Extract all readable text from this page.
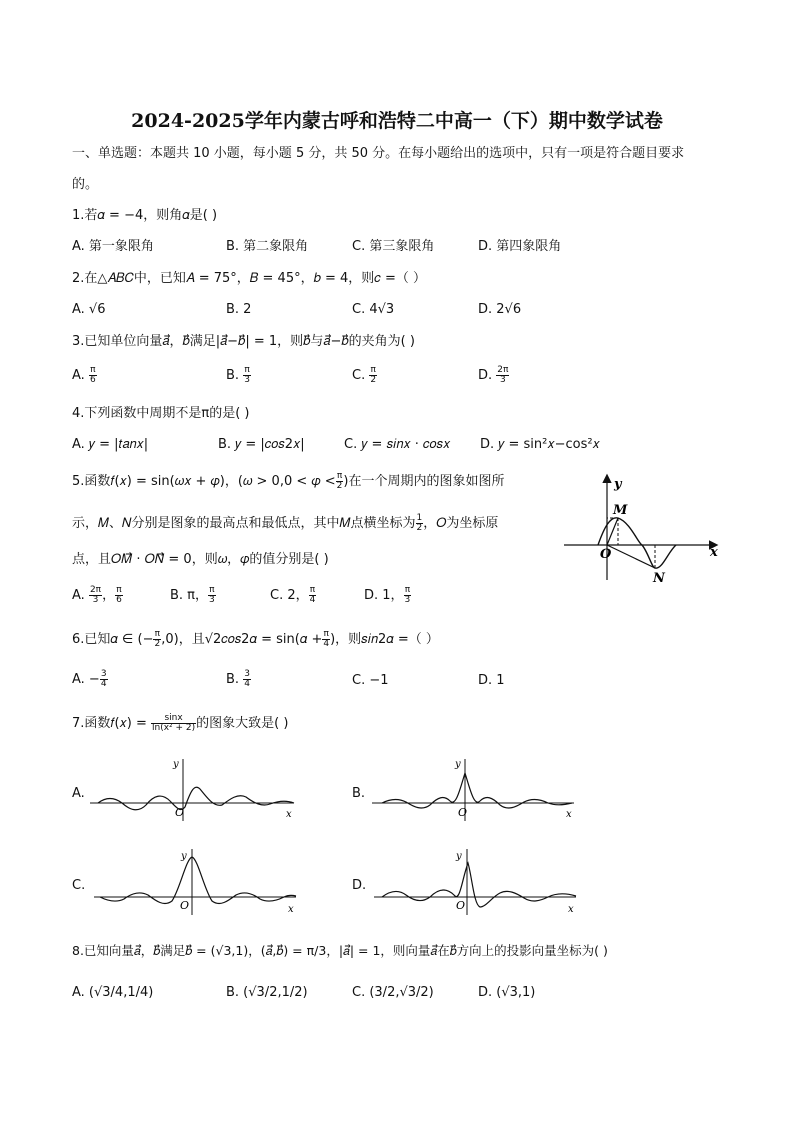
2024-2025学年内蒙古呼和浩特二中高一（下）期中数学试卷
一、单选题：本题共 10 小题，每小题 5 分，共 50 分。在每小题给出的选项中，只有一项是符合题目要求
的。
1.若𝛼 = −4，则角𝛼是( )
A. 第一象限角	B. 第二象限角	C. 第三象限角	D. 第四象限角
2.在△𝐴𝐵𝐶中，已知𝐴 = 75°，𝐵 = 45°，𝑏 = 4，则𝑐 =（ ）
A. √6	B. 2	C. 4√3	D. 2√6
3.已知单位向量𝑎⃗，𝑏⃗满足|𝑎⃗−𝑏⃗| = 1，则𝑏⃗与𝑎⃗−𝑏⃗的夹角为( )
A. $\frac{\pi}{6}$	B. $\frac{\pi}{3}$	C. $\frac{\pi}{2}$	D. $\frac{2\pi}{3}$
4.下列函数中周期不是π的是( )
A. 𝑦 = |𝑡𝑎𝑛𝑥|	B. 𝑦 = |𝑐𝑜𝑠2𝑥|	C. 𝑦 = 𝑠𝑖𝑛𝑥 · 𝑐𝑜𝑠𝑥 D. 𝑦 = sin²𝑥−cos²𝑥
5.函数𝑓(𝑥) = sin(𝜔𝑥 + 𝜑)，(𝜔 > 0,0 < 𝜑 < $\frac{\pi}{2}$ )在一个周期内的图象如图所
示，𝑀、𝑁分别是图象的最高点和最低点，其中𝑀点横坐标为 $\frac{1}{2}$ ，𝑂为坐标原
点，且𝑂𝑀⃗ · 𝑂𝑁⃗ = 0，则𝜔，𝜑的值分别是( )
y
x
M
N
O
A. $\frac{2\pi}{3}$ ， $\frac{\pi}{6}$	B. π， $\frac{\pi}{3}$	C. 2， $\frac{\pi}{4}$	D. 1， $\frac{\pi}{3}$
6.已知𝛼 ∈ (− $\frac{\pi}{2} ,0$)，且√2𝑐𝑜𝑠2𝛼 = sin(𝛼 + $\frac{\pi}{4}$ )，则𝑠𝑖𝑛2𝛼 =（ ）
A. − $\frac{3}{4}$	B. $\frac{3}{4}$	C. −1	D. 1
7.函数𝑓(𝑥) = $\frac{\sin x}{\text{ln(x² + 2)}}$ 的图象大致是( )
A.
y
x
O
B.
y
x
O
C.
y
x
O
D.
y
x
O
8.已知向量𝑎⃗，𝑏⃗满足𝑏⃗ = (√3,1)，(𝑎⃗,𝑏⃗) = π/3，|𝑎⃗| = 1，则向量𝑎⃗在𝑏⃗方向上的投影向量坐标为( )
A. (√3/4,1/4)	B. (√3/2,1/2)	C. (3/2,√3/2)	D. (√3,1)
